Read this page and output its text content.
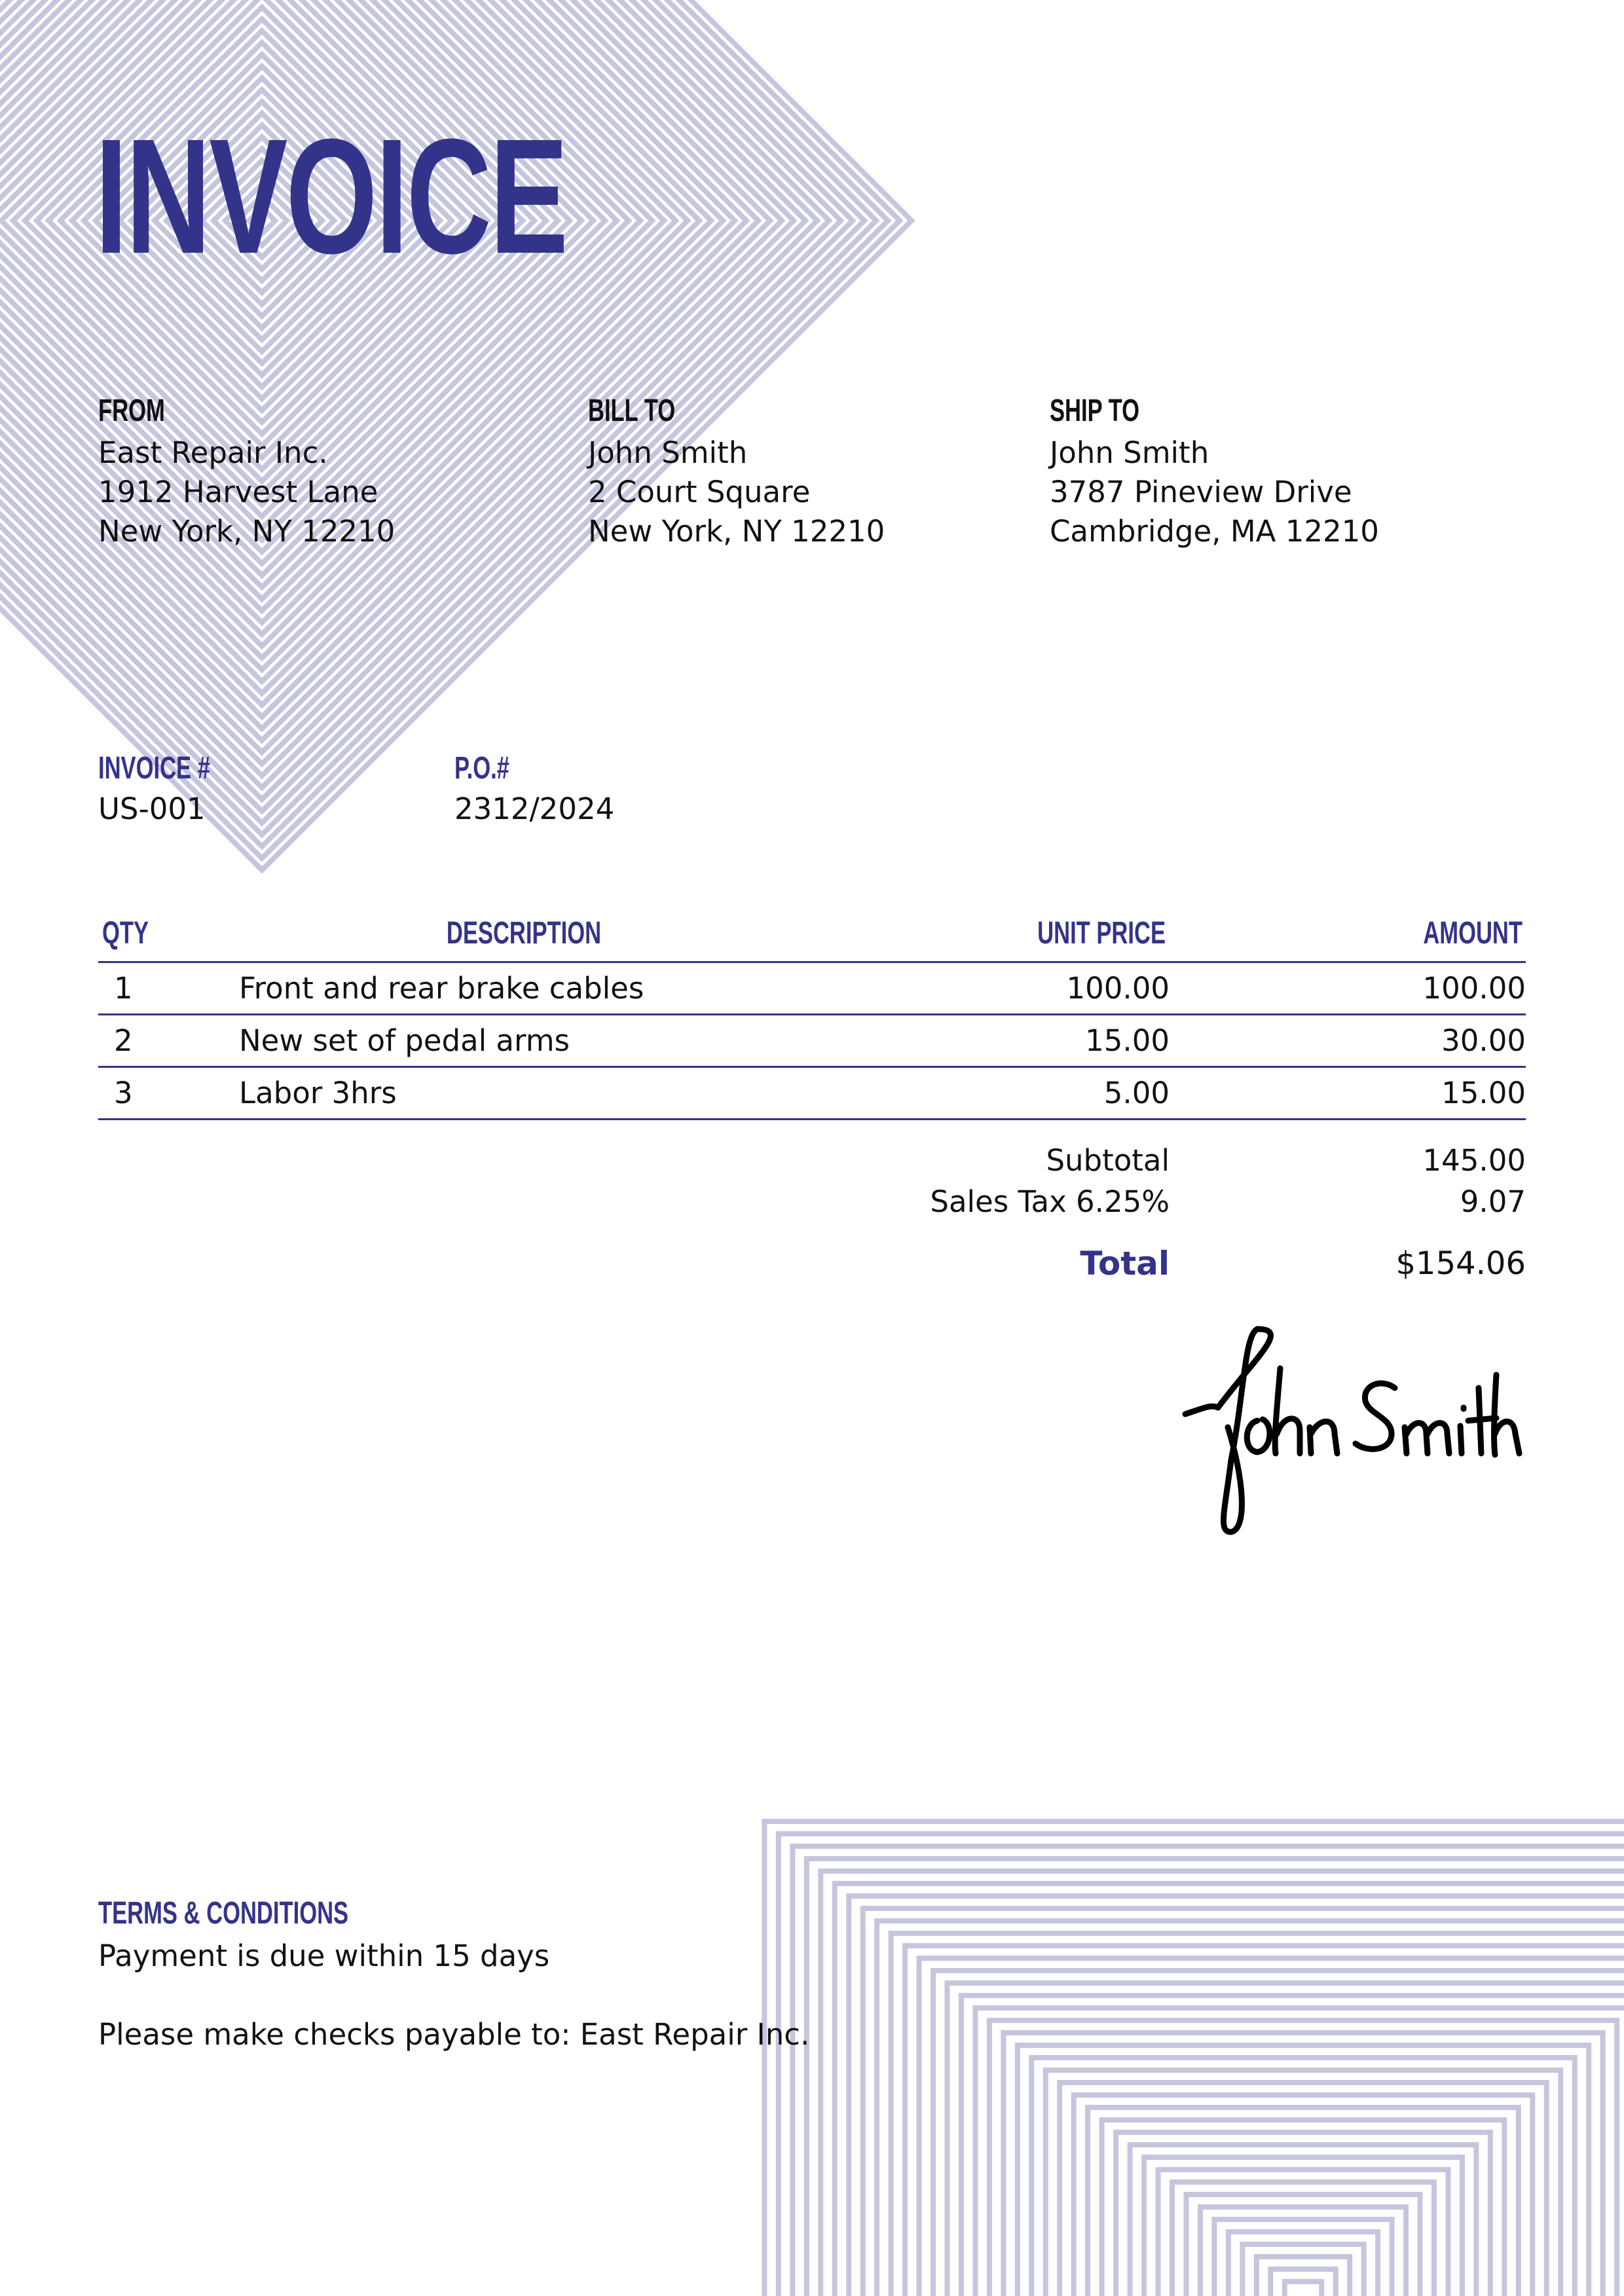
INVOICE
FROM
East Repair Inc.
1912 Harvest Lane
New York, NY 12210
BILL TO
John Smith
2 Court Square
New York, NY 12210
SHIP TO
John Smith
3787 Pineview Drive
Cambridge, MA 12210
INVOICE #
US-001
P.O.#
2312/2024
QTY	DESCRIPTION	UNIT PRICE	AMOUNT
1	Front and rear brake cables	100.00	100.00
2	New set of pedal arms	15.00	30.00
3	Labor 3hrs	5.00	15.00
Subtotal	145.00
Sales Tax 6.25%	9.07
Total	$154.06
TERMS & CONDITIONS
Payment is due within 15 days
Please make checks payable to: East Repair Inc.
